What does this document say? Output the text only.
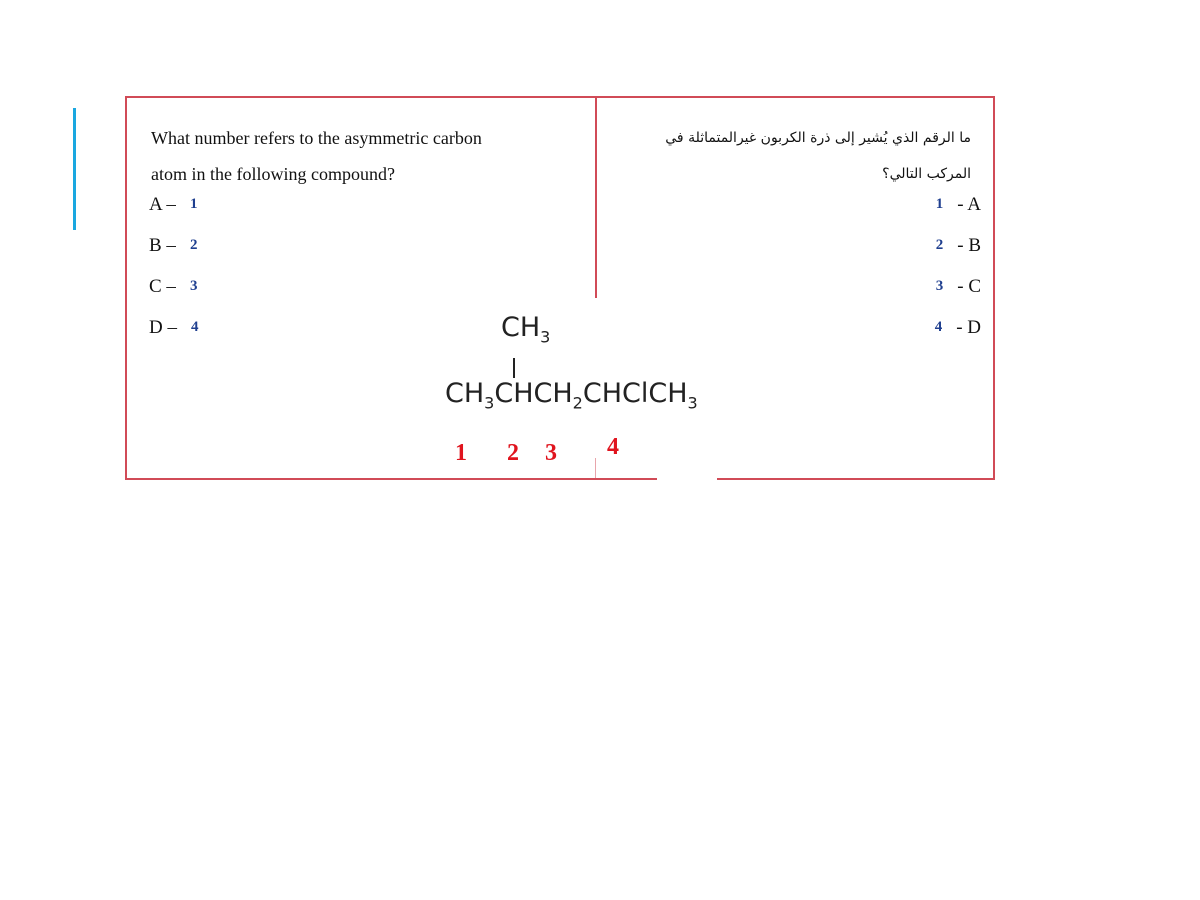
What number refers to the asymmetric carbon
atom in the following compound?

A – 1
B – 2
C – 3
D – 4

ما الرقم الذي يُشير إلى ذرة الكربون غيرالمتماثلة في
المركب التالي؟

1 - A
2 - B
3 - C
4 - D
$CH_3$
$CH_3CHCH_2CHClCH_3$
1 2 3 4
